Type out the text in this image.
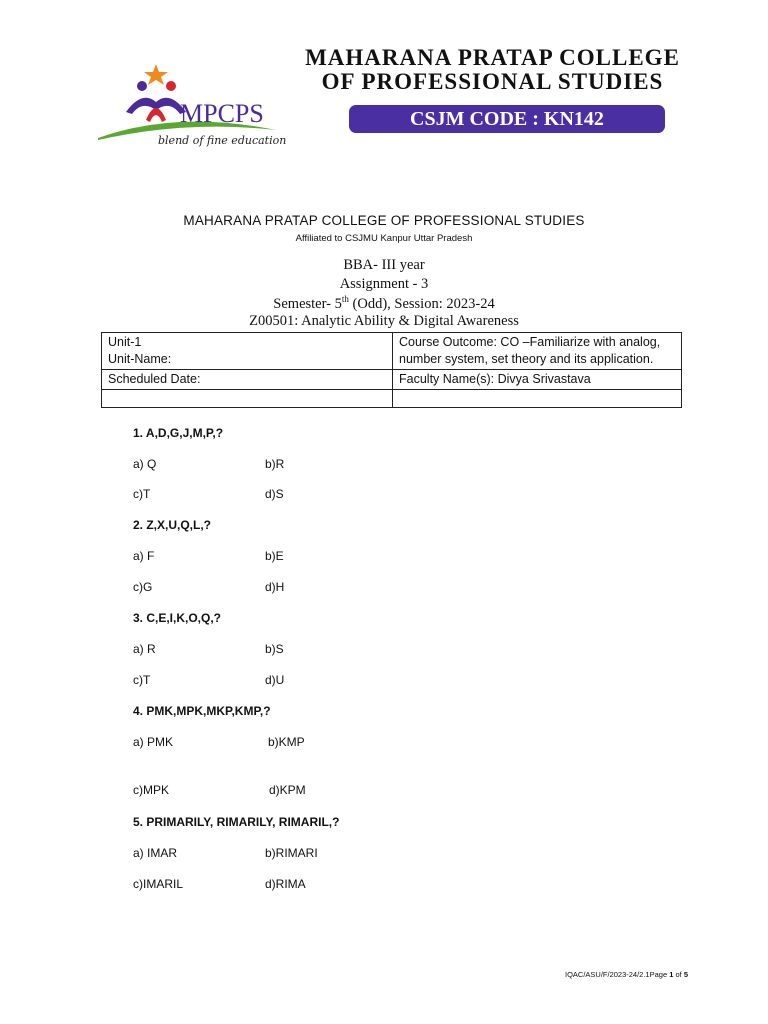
MPCPS
blend of fine education
MAHARANA PRATAP COLLEGE
OF PROFESSIONAL STUDIES
CSJM CODE : KN142
MAHARANA PRATAP COLLEGE OF PROFESSIONAL STUDIES
Affiliated to CSJMU Kanpur Uttar Pradesh
BBA- III year
Assignment - 3
Semester- 5th (Odd), Session: 2023-24
Z00501: Analytic Ability & Digital Awareness
Unit-1
Unit-Name:	Course Outcome: CO –Familiarize with analog, number system, set theory and its application.
Scheduled Date:	Faculty Name(s): Divya Srivastava

1. A,D,G,J,M,P,?
a) Q	b)R
c)T	d)S
2. Z,X,U,Q,L,?
a) F	b)E
c)G	d)H
3. C,E,I,K,O,Q,?
a) R	b)S
c)T	d)U
4. PMK,MPK,MKP,KMP,?
a) PMK	b)KMP
c)MPK	d)KPM
5. PRIMARILY, RIMARILY, RIMARIL,?
a) IMAR	b)RIMARI
c)IMARIL	d)RIMA
IQAC/ASU/F/2023-24/2.1Page 1 of 5
